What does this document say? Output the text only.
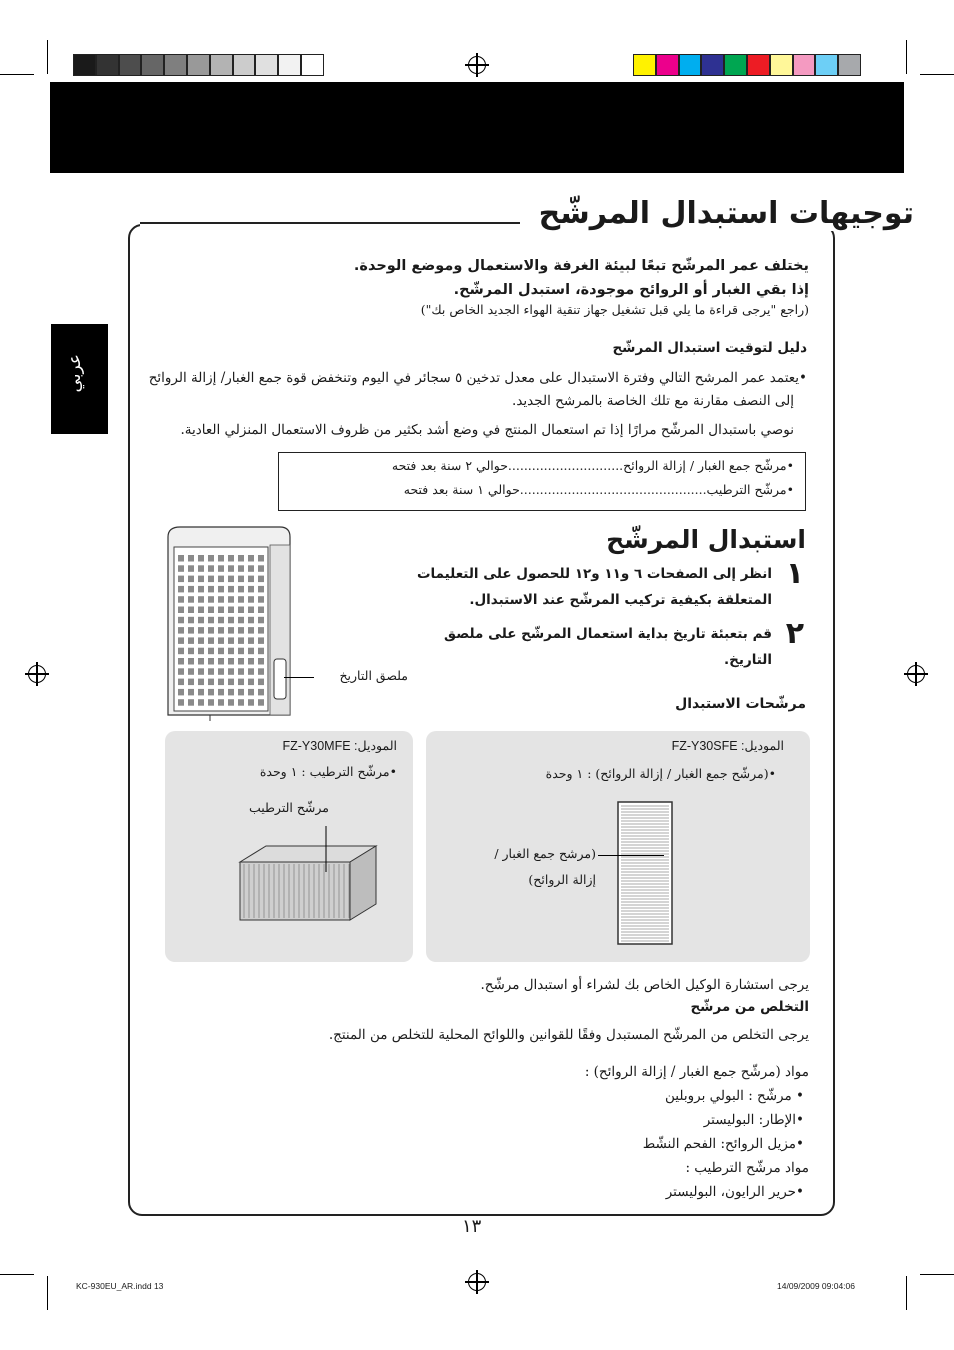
توجيهات استبدال المرشّح
عربي
يختلف عمر المرشّح تبعًا لبيئة الغرفة والاستعمال وموضع الوحدة.
إذا بقي الغبار أو الروائح موجودة، استبدل المرشّح.
(راجع "يرجى قراءة ما يلي قبل تشغيل جهاز تنقية الهواء الجديد الخاص بك")
دليل لتوقيت استبدال المرشّح
•يعتمد عمر المرشح التالي وفترة الاستبدال على معدل تدخين ٥ سجائر في اليوم وتنخفض قوة جمع الغبار/ إزالة الروائح
إلى النصف مقارنة مع تلك الخاصة بالمرشح الجديد.
نوصي باستبدال المرشّح مرارًا إذا تم استعمال المنتج في وضع أشد بكثير من ظروف الاستعمال المنزلي العادية.
•مرشّح جمع الغبار / إزالة الروائح.............................حوالي ٢ سنة بعد فتحه
•مرشّح الترطيب...............................................حوالي ١ سنة بعد فتحه
استبدال المرشّح
١
انظر إلى الصفحات ٦ و١١ و١٢ للحصول على التعليمات
المتعلقة بكيفية تركيب المرشّح عند الاستبدال.
٢
قم بتعبئة تاريخ بداية استعمال المرشّح على ملصق
التاريخ.
ملصق التاريخ
مرشّحات الاستبدال
الموديل: FZ-Y30SFE
•(مرشّح جمع الغبار / إزالة الروائح) : ١ وحدة
(مرشح جمع الغبار /
إزالة الروائح)
الموديل: FZ-Y30MFE
•مرشّح الترطيب : ١ وحدة
مرشّح الترطيب
يرجى استشارة الوكيل الخاص بك لشراء أو استبدال مرشّح.
التخلص من مرشّح
يرجى التخلص من المرشّح المستبدل وفقًا للقوانين واللوائح المحلية للتخلص من المنتج.
مواد (مرشّح جمع الغبار / إزالة الروائح) :
• مرشّح : البولي بروبلين
•الإطار: البوليستر
•مزيل الروائح: الفحم النشّط
مواد مرشّح الترطيب :
•حرير الرايون، البوليستر
١٣
KC-930EU_AR.indd 13	14/09/2009 09:04:06
